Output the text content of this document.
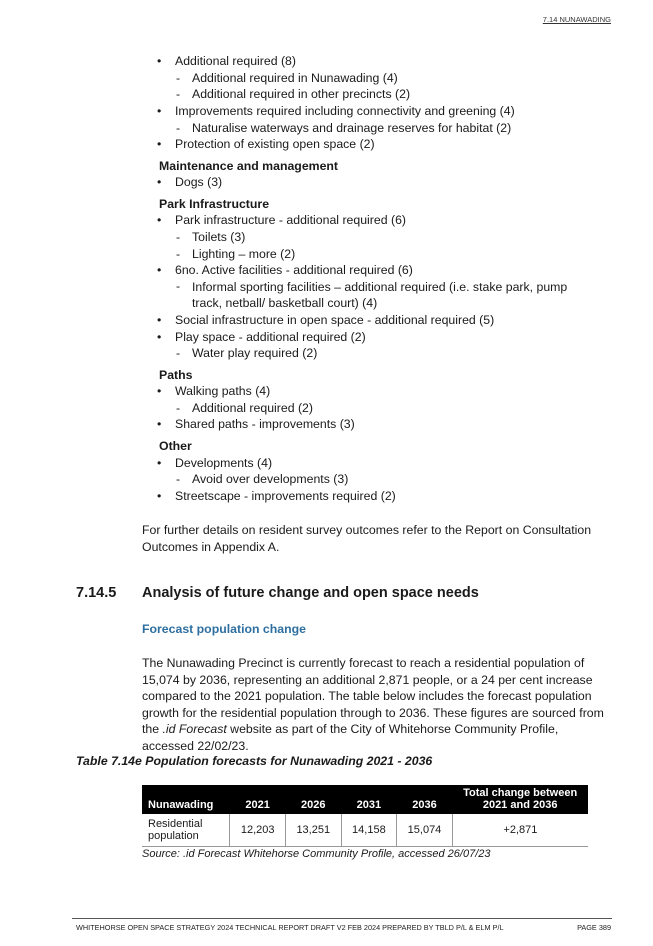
7.14 NUNAWADING
• Additional required (8)
- Additional required in Nunawading (4)
- Additional required in other precincts (2)
• Improvements required including connectivity and greening (4)
- Naturalise waterways and drainage reserves for habitat (2)
• Protection of existing open space (2)
Maintenance and management
• Dogs (3)
Park Infrastructure
• Park infrastructure - additional required (6)
- Toilets (3)
- Lighting – more (2)
• 6no. Active facilities - additional required (6)
- Informal sporting facilities – additional required (i.e. stake park, pump track, netball/ basketball court) (4)
• Social infrastructure in open space - additional required (5)
• Play space - additional required (2)
- Water play required (2)
Paths
• Walking paths (4)
- Additional required (2)
• Shared paths - improvements (3)
Other
• Developments (4)
- Avoid over developments (3)
• Streetscape - improvements required (2)
For further details on resident survey outcomes refer to the Report on Consultation Outcomes in Appendix A.
7.14.5 Analysis of future change and open space needs
Forecast population change
The Nunawading Precinct is currently forecast to reach a residential population of 15,074 by 2036, representing an additional 2,871 people, or a 24 per cent increase compared to the 2021 population. The table below includes the forecast population growth for the residential population through to 2036. These figures are sourced from the .id Forecast website as part of the City of Whitehorse Community Profile, accessed 22/02/23.
Table 7.14e Population forecasts for Nunawading 2021 - 2036
Nunawading	2021	2026	2031	2036	Total change between 2021 and 2036
Residential population	12,203	13,251	14,158	15,074	+2,871
Source: .id Forecast Whitehorse Community Profile, accessed 26/07/23
WHITEHORSE OPEN SPACE STRATEGY 2024 TECHNICAL REPORT DRAFT V2 FEB 2024 PREPARED BY TBLD P/L & ELM P/L	PAGE 389
